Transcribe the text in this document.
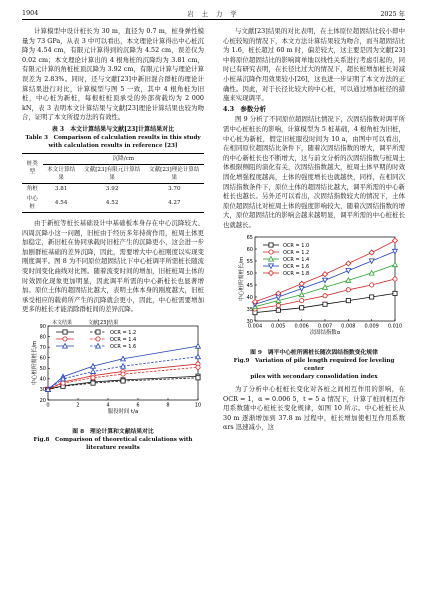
1904	岩 土 力 学	2025 年

计算模型中设计桩长为 30 m，直径为 0.7 m，桩身弹性模量为 73 GPa，从表 3 中可以看出，本文理论计算得出中心桩沉降为 4.54 cm，有限元计算得到的沉降为 4.52 cm，误差仅为 0.02 cm；本文理论计算出的 4 根角桩的沉降均为 3.81 cm，有限元计算的角桩桩顶沉降为 3.92 cm，有限元计算与理论计算误差为 2.83%。同时，还与文献[23]中新旧混合群桩的理论计算结果进行对比，计算模型与图 5 一致，其中 4 根角桩为旧桩，中心桩为新桩，每根桩桩顶承受的外部荷载均为 2 000 kN，表 3 表明本文计算结果与文献[23]理论计算结果也较为吻合，证明了本文所提方法的有效性。

表 3　本文计算结果与文献[23]计算结果对比
Table 3　Comparison of calculation results in this study
with calculation results in reference [23]
桩类型	沉降/cm		
	本文计算结果	文献[23]有限元计算结果	文献[23]理论计算结果
角桩	3.81	3.92	3.70
中心桩	4.54	4.52	4.27

由于新桩等桩长基础设计中基础板本身存在中心沉降较大、四周沉降小这一问题，旧桩由于经历多年持荷作用，桩周土体更加稳定，新旧桩在协同承载时旧桩产生的沉降更小，这会进一步加剧群桩基础的差异沉降，因此，需要增大中心桩刚度以实现变刚度调平。图 8 为不同原位超固结比下中心桩调平所需桩长随流变时间变化曲线对比图。随着流变时间的增加，旧桩桩周土体的时效固化现象更加明显，因此调平所需的中心新桩长也显著增加。原位土体的超固结比越大，表明土体本身的刚度越大，旧桩承受相应的载荷所产生的沉降就会更小，因此，中心桩需要增加更多的桩长才能消除群桩间的差异沉降。

0	2	4	6	8	10
20
30
40
50
60
70
80
90
服役时间 t/a
中心桩所需桩长/m
本文结果	文献[23]结果
OCR = 1.2
OCR = 1.4
OCR = 1.6
图 8　理论计算和文献结果对比
Fig.8　Comparison of theoretical calculations with
literature results

与文献[23]结果的对比表明，在土体原位超固结比较小即中心桩较短的情况下，本文方法计算结果较为吻合，而当超固结比为 1.6，桩长超过 60 m 时，偏差较大，这主要是因为文献[23]中将原位超固结比的影响简单地以线性关系进行考虑引起的，同时已有研究表明，在长径比过大的情况下，超长桩增加桩长对减小桩基沉降作用效果较小[26]，这也进一步证明了本文方法的正确性。因此，对于长径比较大的中心桩，可以通过增加桩径的措施来实现调平。

4.3　参数分析

图 9 分析了不同原位超固结比情况下，次固结指数对调平所需中心桩桩长的影响，计算模型为 5 桩基础，4 根角桩为旧桩，中心桩为新桩，假定旧桩服役时间为 10 a，由图中可以看出，在相同原位超固结比条件下，随着次固结指数的增大，调平所需的中心新桩长也不断增大，这与前文分析的次固结指数与桩周土体极限侧阻的演化有关，次固结指数越大，桩周土体早期的时效固化增强程度越高，土体的强度增长也就越快，同样，在相同次固结指数条件下，原位土体的超固结比越大，调平所需的中心新桩长也越长。另外还可以看出，次固结指数较大的情况下，土体原位超固结比对桩周土体的强度影响较大，随着次固结指数的增大，原位超固结比的影响会越来越明显，调平所需的中心桩桩长也就越长。

0.004 0.005 0.006 0.007 0.008 0.009 0.010
30
35
40
45
50
55
60
65
次固结指数α
中心桩所需桩长/m
OCR = 1.0
OCR = 1.2
OCR = 1.4
OCR = 1.6
OCR = 1.8
图 9　调平中心桩所需桩长随次固结指数变化规律
Fig.9　Variation of pile length required for leveling center
piles with secondary consolidation index

为了分析中心桩桩长变化对各桩之间相互作用的影响，在 OCR = 1，α = 0.006 5，t = 5 a 情况下，计算了桩间相互作用系数随中心桩桩长变化规律，如图 10 所示。中心桩桩长从 30 m 逐渐增加到 37.8 m 过程中，桩长增加使相互作用系数 αrs 迅速减小，这
